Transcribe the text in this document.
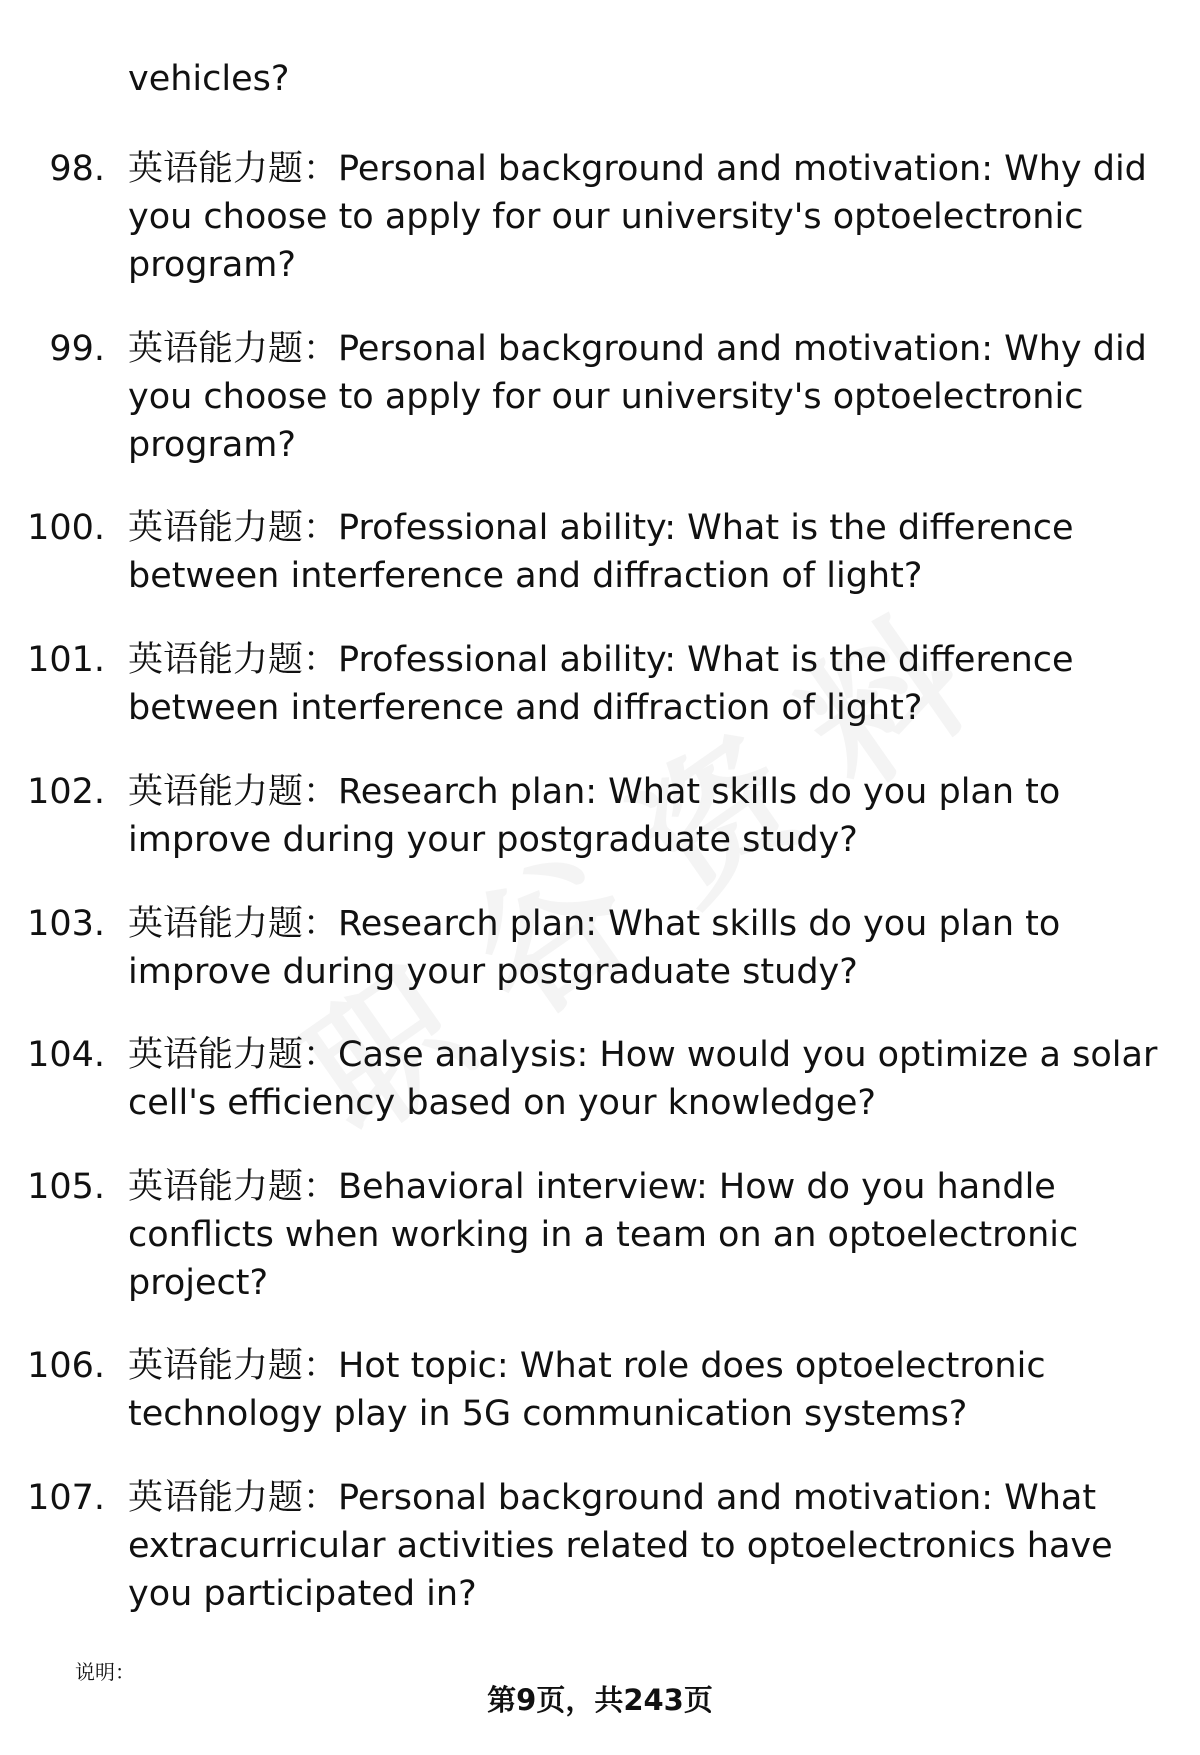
vehicles?
98. 英语能力题：Personal background and motivation: Why did you choose to apply for our university's optoelectronic program?
99. 英语能力题：Personal background and motivation: Why did you choose to apply for our university's optoelectronic program?
100. 英语能力题：Professional ability: What is the difference between interference and diffraction of light?
101. 英语能力题：Professional ability: What is the difference between interference and diffraction of light?
102. 英语能力题：Research plan: What skills do you plan to improve during your postgraduate study?
103. 英语能力题：Research plan: What skills do you plan to improve during your postgraduate study?
104. 英语能力题：Case analysis: How would you optimize a solar cell's efficiency based on your knowledge?
105. 英语能力题：Behavioral interview: How do you handle conflicts when working in a team on an optoelectronic project?
106. 英语能力题：Hot topic: What role does optoelectronic technology play in 5G communication systems?
107. 英语能力题：Personal background and motivation: What extracurricular activities related to optoelectronics have you participated in?
说明：
第9页，共243页
